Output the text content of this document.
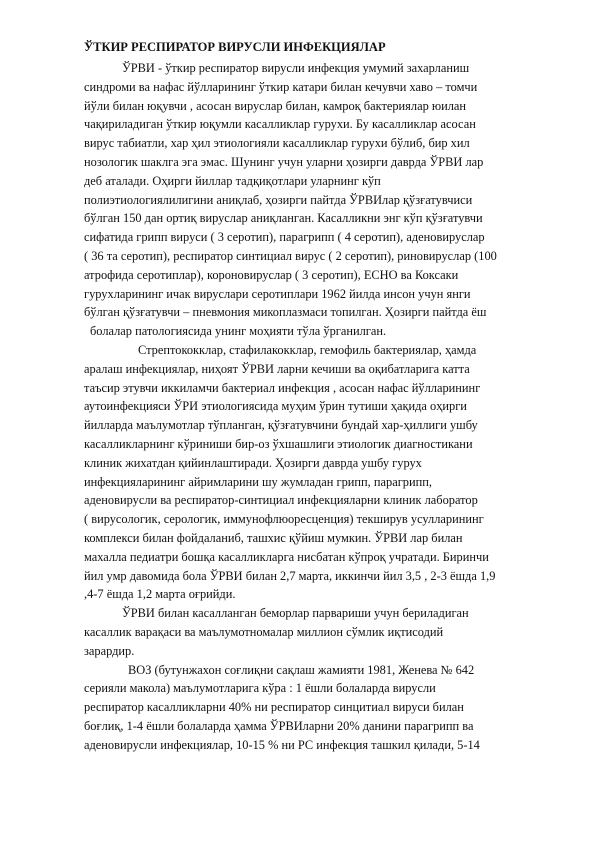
ЎТКИР РЕСПИРАТОР ВИРУСЛИ ИНФЕКЦИЯЛАР
ЎРВИ - ўткир респиратор вирусли инфекция умумий захарланиш
синдроми ва нафас йўлларининг ўткир катари билан кечувчи хаво – томчи
йўли билан юқувчи , асосан вируслар билан, камроқ бактериялар юилан
чақириладиган ўткир юқумли касалликлар гурухи. Бу касалликлар асосан
вирус табиатли, хар ҳил этиологияли касалликлар гурухи бўлиб, бир хил
нозологик шаклга эга эмас. Шунинг учун уларни ҳозирги даврда ЎРВИ лар
деб аталади. Оҳирги йиллар тадқиқотлари уларнинг кўп
полиэтиологиялилигини аниқлаб, ҳозирги пайтда ЎРВИлар қўзғатувчиси
бўлган 150 дан ортиқ вируслар аниқланган. Касалликни энг кўп қўзғатувчи
сифатида грипп вируси ( 3 серотип), парагрипп ( 4 серотип), аденовируслар
( 36 та серотип), респиратор синтициал вирус ( 2 серотип), риновируслар (100
атрофида серотиплар), короновируслар ( 3 серотип), ЕСНО ва Коксаки
гурухларининг ичак вируслари серотиплари 1962 йилда инсон учун янги
бўлган қўзғатувчи – пневмония микоплазмаси топилган. Ҳозирги пайтда ёш
болалар патологиясида унинг моҳияти тўла ўрганилган.
Стрептококклар, стафилакокклар, гемофиль бактериялар, ҳамда
аралаш инфекциялар, ниҳоят ЎРВИ ларни кечиши ва оқибатларига катта
таъсир этувчи иккиламчи бактериал инфекция , асосан нафас йўлларининг
аутоинфекцияси ЎРИ этиологиясида муҳим ўрин тутиши ҳақида оҳирги
йилларда маълумотлар тўпланган, қўзғатувчини бундай хар-ҳиллиги ушбу
касалликларнинг кўриниши бир-оз ўхшашлиги этиологик диагностикани
клиник жихатдан қийинлаштиради. Ҳозирги даврда ушбу гурух
инфекцияларининг айримларини шу жумладан грипп, парагрипп,
аденовирусли ва респиратор-синтициал инфекцияларни клиник лаборатор
( вирусологик, серологик, иммунофлюоресценция) текширув усулларининг
комплекси билан фойдаланиб, ташхис қўйиш мумкин. ЎРВИ лар билан
махалла педиатри бошқа касалликларга нисбатан кўпроқ учратади. Биринчи
йил умр давомида бола ЎРВИ билан 2,7 марта, иккинчи йил 3,5 , 2-3 ёшда 1,9
,4-7 ёшда 1,2 марта оғрийди.
ЎРВИ билан касалланган беморлар парвариши учун бериладиган
касаллик варақаси ва маълумотномалар миллион сўмлик иқтисодий
зарардир.
ВОЗ (бутунжахон соғлиқни сақлаш жамияти 1981, Женева № 642
серияли макола) маълумотларига кўра : 1 ёшли болаларда вирусли
респиратор касалликларни 40% ни респиратор синцитиал вируси билан
боғлиқ, 1-4 ёшли болаларда ҳамма ЎРВИларни 20% данини парагрипп ва
аденовирусли инфекциялар, 10-15 % ни РС инфекция ташкил қилади, 5-14
